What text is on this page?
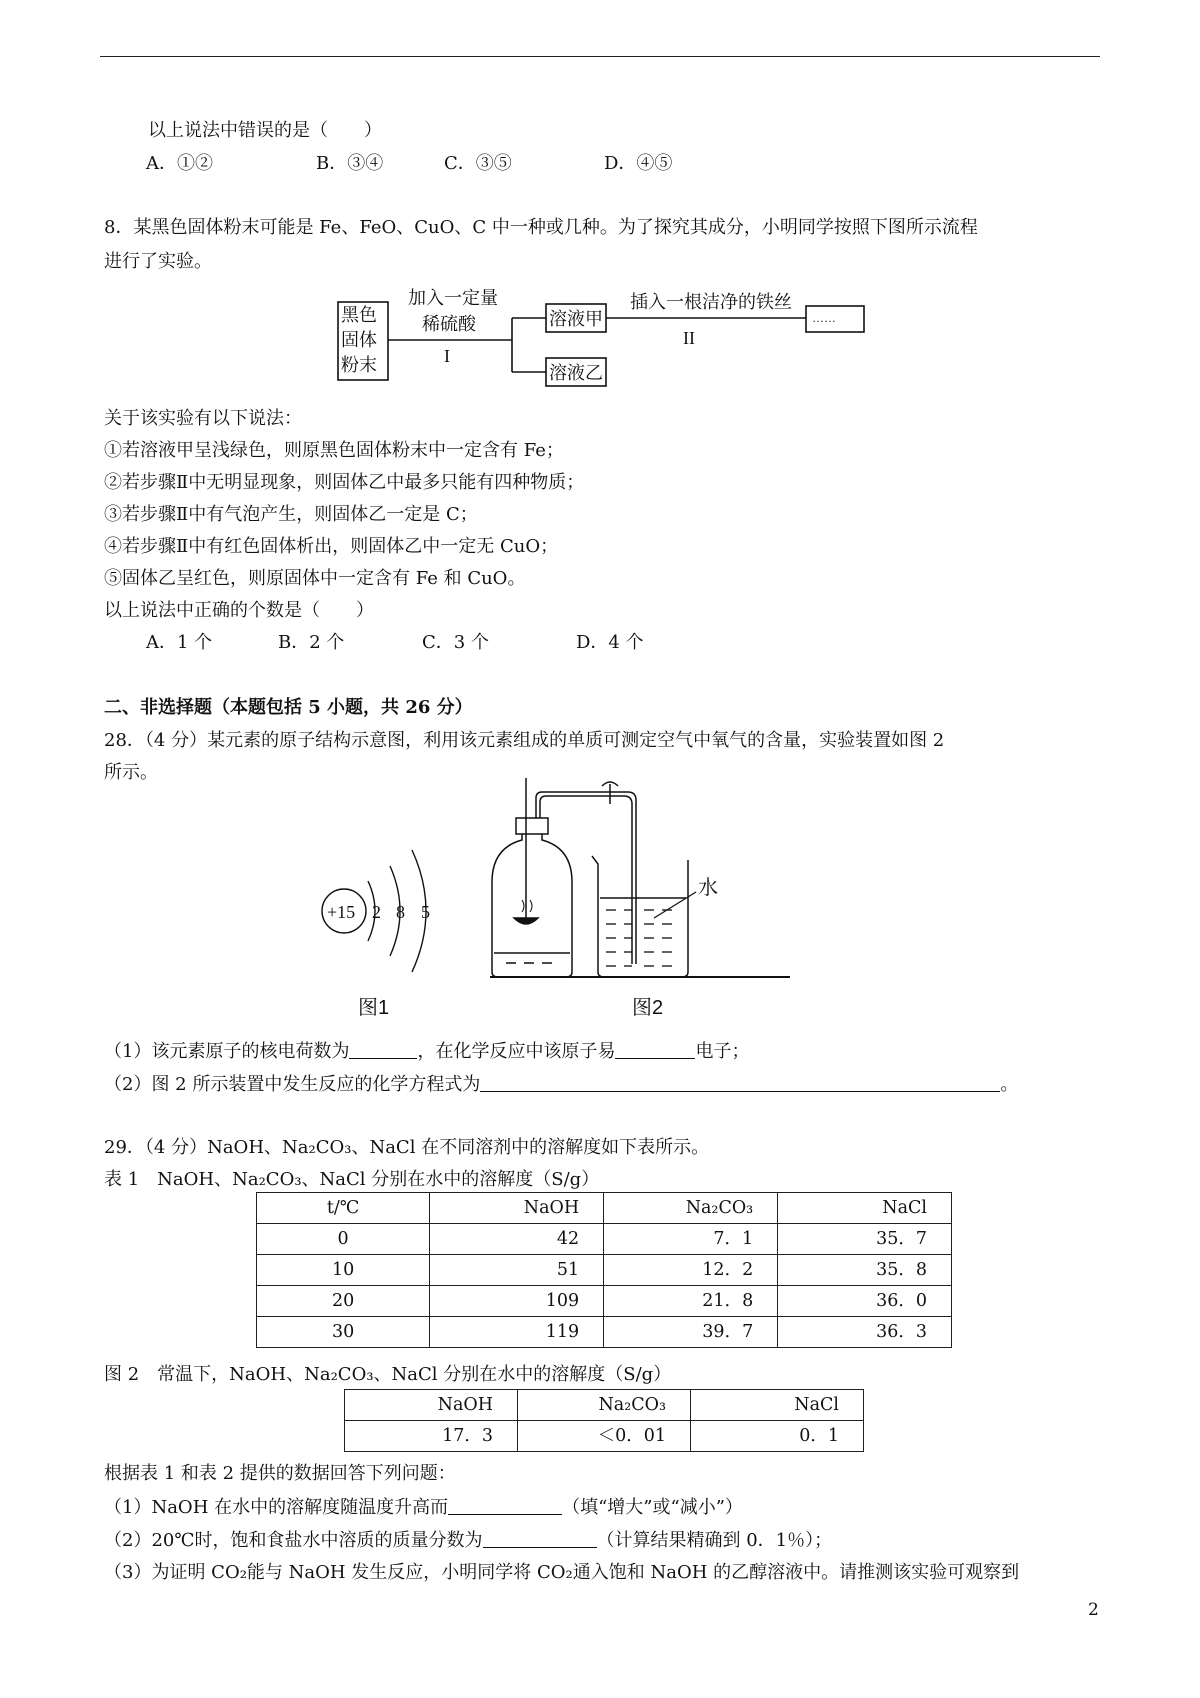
以上说法中错误的是（　　）
A．①②	B．③④	C．③⑤	D．④⑤
8．某黑色固体粉末可能是 Fe、FeO、CuO、C 中一种或几种。为了探究其成分，小明同学按照下图所示流程
进行了实验。
黑色
固体
粉末
加入一定量
稀硫酸
I
溶液甲
溶液乙
插入一根洁净的铁丝
II
……
关于该实验有以下说法：
①若溶液甲呈浅绿色，则原黑色固体粉末中一定含有 Fe；
②若步骤Ⅱ中无明显现象，则固体乙中最多只能有四种物质；
③若步骤Ⅱ中有气泡产生，则固体乙一定是 C；
④若步骤Ⅱ中有红色固体析出，则固体乙中一定无 CuO；
⑤固体乙呈红色，则原固体中一定含有 Fe 和 CuO。
以上说法中正确的个数是（　　）
A．1 个	B．2 个	C．3 个	D．4 个
二、非选择题（本题包括 5 小题，共 26 分）
28．（4 分）某元素的原子结构示意图，利用该元素组成的单质可测定空气中氧气的含量，实验装置如图 2
所示。
+15 2 8 5
图1
水
图2
（1）该元素原子的核电荷数为	，在化学反应中该原子易	电子；
（2）图 2 所示装置中发生反应的化学方程式为	。
29．（4 分）NaOH、Na₂CO₃、NaCl 在不同溶剂中的溶解度如下表所示。
表 1　NaOH、Na₂CO₃、NaCl 分别在水中的溶解度（S/g）
t/℃	NaOH	Na₂CO₃	NaCl
0	42	7．1	35．7
10	51	12．2	35．8
20	109	21．8	36．0
30	119	39．7	36．3
图 2　常温下，NaOH、Na₂CO₃、NaCl 分别在水中的溶解度（S/g）
NaOH	Na₂CO₃	NaCl
17．3	＜0．01	0．1
根据表 1 和表 2 提供的数据回答下列问题：
（1）NaOH 在水中的溶解度随温度升高而	（填“增大”或“减小”）
（2）20℃时，饱和食盐水中溶质的质量分数为	（计算结果精确到 0．1％）；
（3）为证明 CO₂能与 NaOH 发生反应，小明同学将 CO₂通入饱和 NaOH 的乙醇溶液中。请推测该实验可观察到
2
